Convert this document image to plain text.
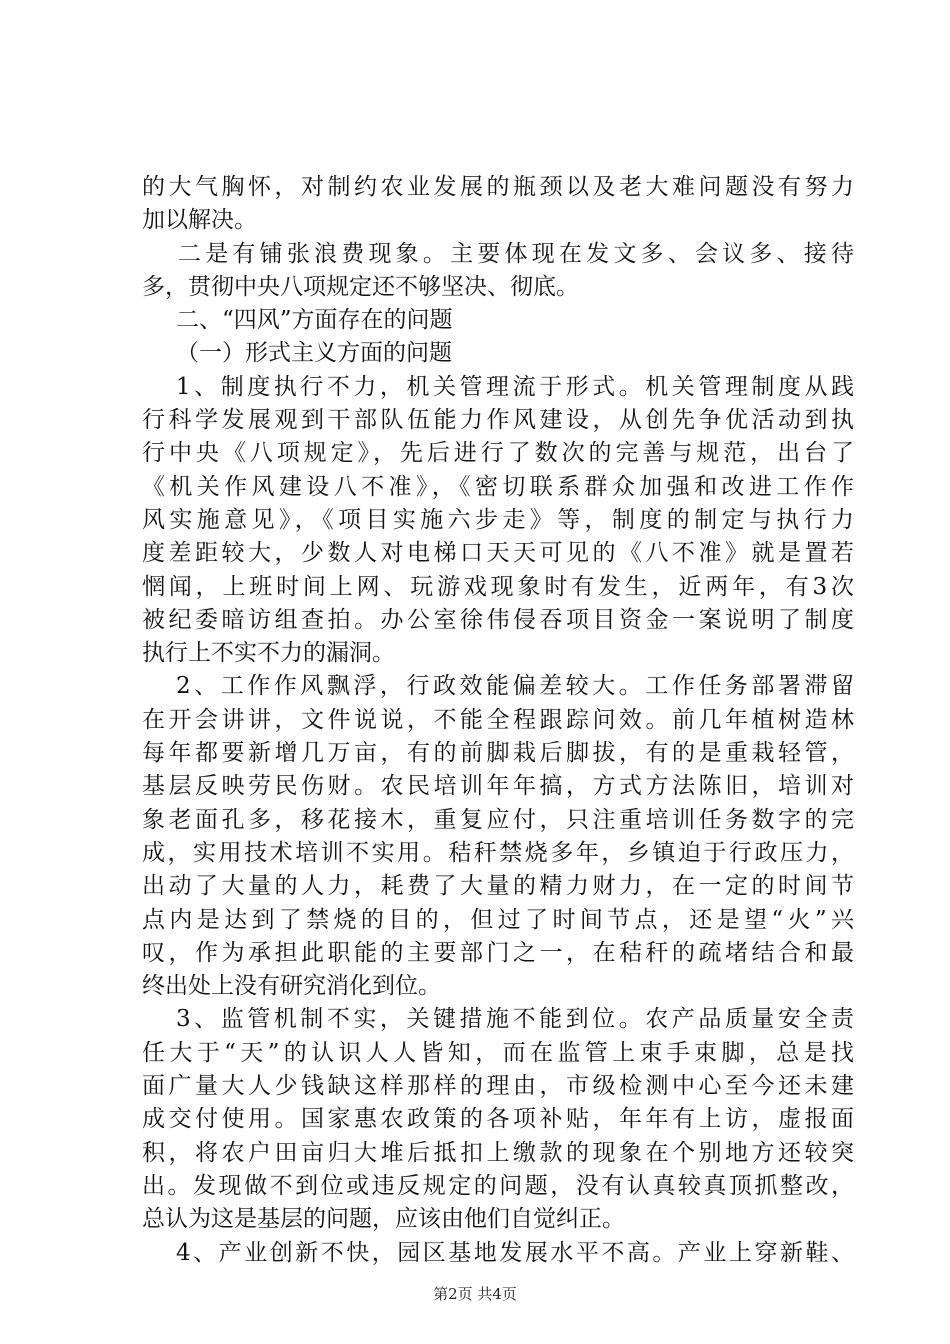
的大气胸怀，对制约农业发展的瓶颈以及老大难问题没有努力
加以解决。
二是有铺张浪费现象。主要体现在发文多、会议多、接待
多，贯彻中央八项规定还不够坚决、彻底。
二、“四风”方面存在的问题
（一）形式主义方面的问题
1、制度执行不力，机关管理流于形式。机关管理制度从践
行科学发展观到干部队伍能力作风建设，从创先争优活动到执
行中央《八项规定》，先后进行了数次的完善与规范，出台了
《机关作风建设八不准》，《密切联系群众加强和改进工作作
风实施意见》，《项目实施六步走》等，制度的制定与执行力
度差距较大，少数人对电梯口天天可见的《八不准》就是置若
惘闻，上班时间上网、玩游戏现象时有发生，近两年，有3次
被纪委暗访组查拍。办公室徐伟侵吞项目资金一案说明了制度
执行上不实不力的漏洞。
2、工作作风飘浮，行政效能偏差较大。工作任务部署滞留
在开会讲讲，文件说说，不能全程跟踪问效。前几年植树造林
每年都要新增几万亩，有的前脚栽后脚拔，有的是重栽轻管，
基层反映劳民伤财。农民培训年年搞，方式方法陈旧，培训对
象老面孔多，移花接木，重复应付，只注重培训任务数字的完
成，实用技术培训不实用。秸秆禁烧多年，乡镇迫于行政压力，
出动了大量的人力，耗费了大量的精力财力，在一定的时间节
点内是达到了禁烧的目的，但过了时间节点，还是望“火”兴
叹，作为承担此职能的主要部门之一，在秸秆的疏堵结合和最
终出处上没有研究消化到位。
3、监管机制不实，关键措施不能到位。农产品质量安全责
任大于“天”的认识人人皆知，而在监管上束手束脚，总是找
面广量大人少钱缺这样那样的理由，市级检测中心至今还未建
成交付使用。国家惠农政策的各项补贴，年年有上访，虚报面
积，将农户田亩归大堆后抵扣上缴款的现象在个别地方还较突
出。发现做不到位或违反规定的问题，没有认真较真顶抓整改，
总认为这是基层的问题，应该由他们自觉纠正。
4、产业创新不快，园区基地发展水平不高。产业上穿新鞋、
第2页 共4页
